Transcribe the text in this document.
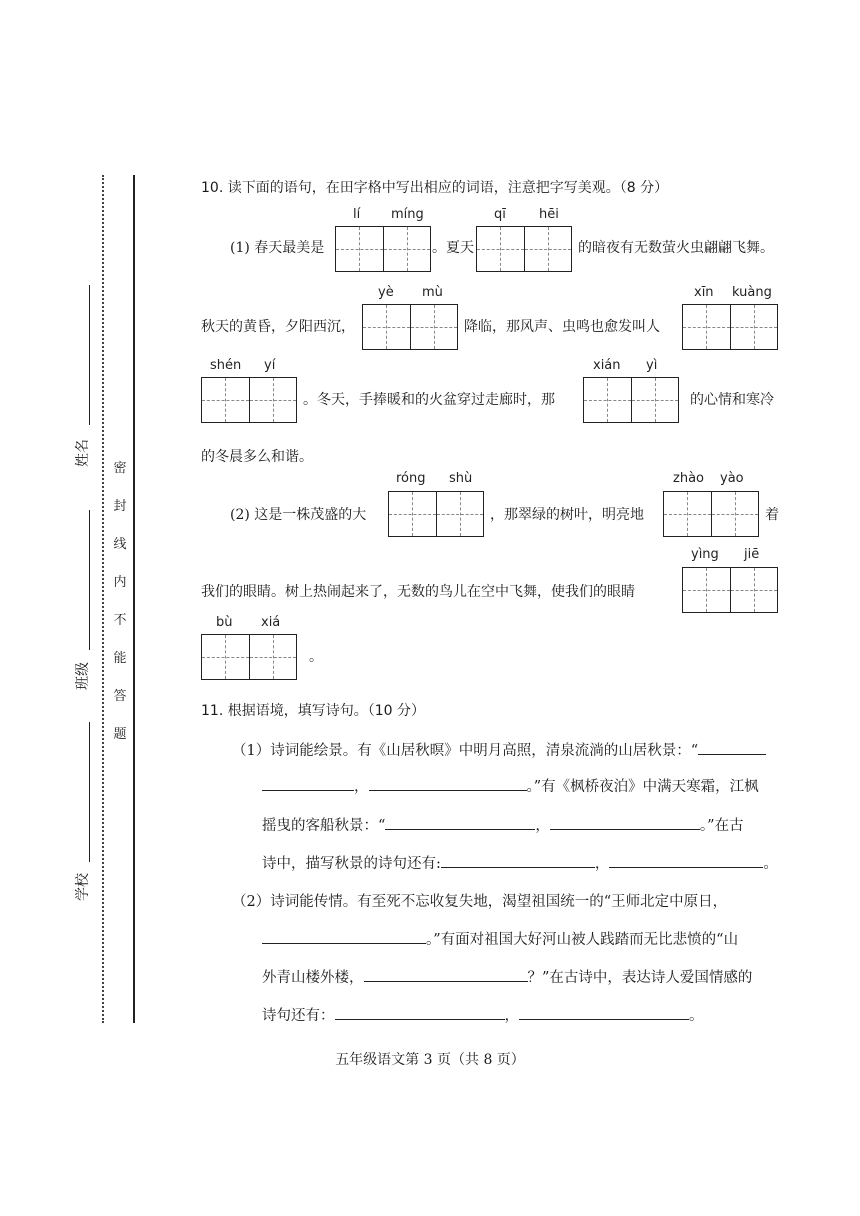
密
封
线
内
不
能
答
题
姓名
班级
学校
10. 读下面的语句，在田字格中写出相应的词语，注意把字写美观。（8 分）
(1) 春天最美是
lí míng
。夏天
qī	hēi
的暗夜有无数萤火虫翩翩飞舞。
秋天的黄昏，夕阳西沉，
yè mù
降临，那风声、虫鸣也愈发叫人
xīn kuàng
shén yí
。冬天，手捧暖和的火盆穿过走廊时，那
xián yì
的心情和寒冷
的冬晨多么和谐。
(2) 这是一株茂盛的大
róng shù
，那翠绿的树叶，明亮地
zhào yào
着
我们的眼睛。树上热闹起来了，无数的鸟儿在空中飞舞，使我们的眼睛
yìng jiē
bù xiá
。
11. 根据语境，填写诗句。（10 分）
（1）诗词能绘景。有《山居秋暝》中明月高照，清泉流淌的山居秋景：“
，	。”有《枫桥夜泊》中满天寒霜，江枫
摇曳的客船秋景：“	，	。”在古
诗中，描写秋景的诗句还有:	，	。
（2）诗词能传情。有至死不忘收复失地，渴望祖国统一的“王师北定中原日，
。”有面对祖国大好河山被人践踏而无比悲愤的“山
外青山楼外楼，	？”在古诗中，表达诗人爱国情感的
诗句还有：	，	。
五年级语文第 3 页（共 8 页）
